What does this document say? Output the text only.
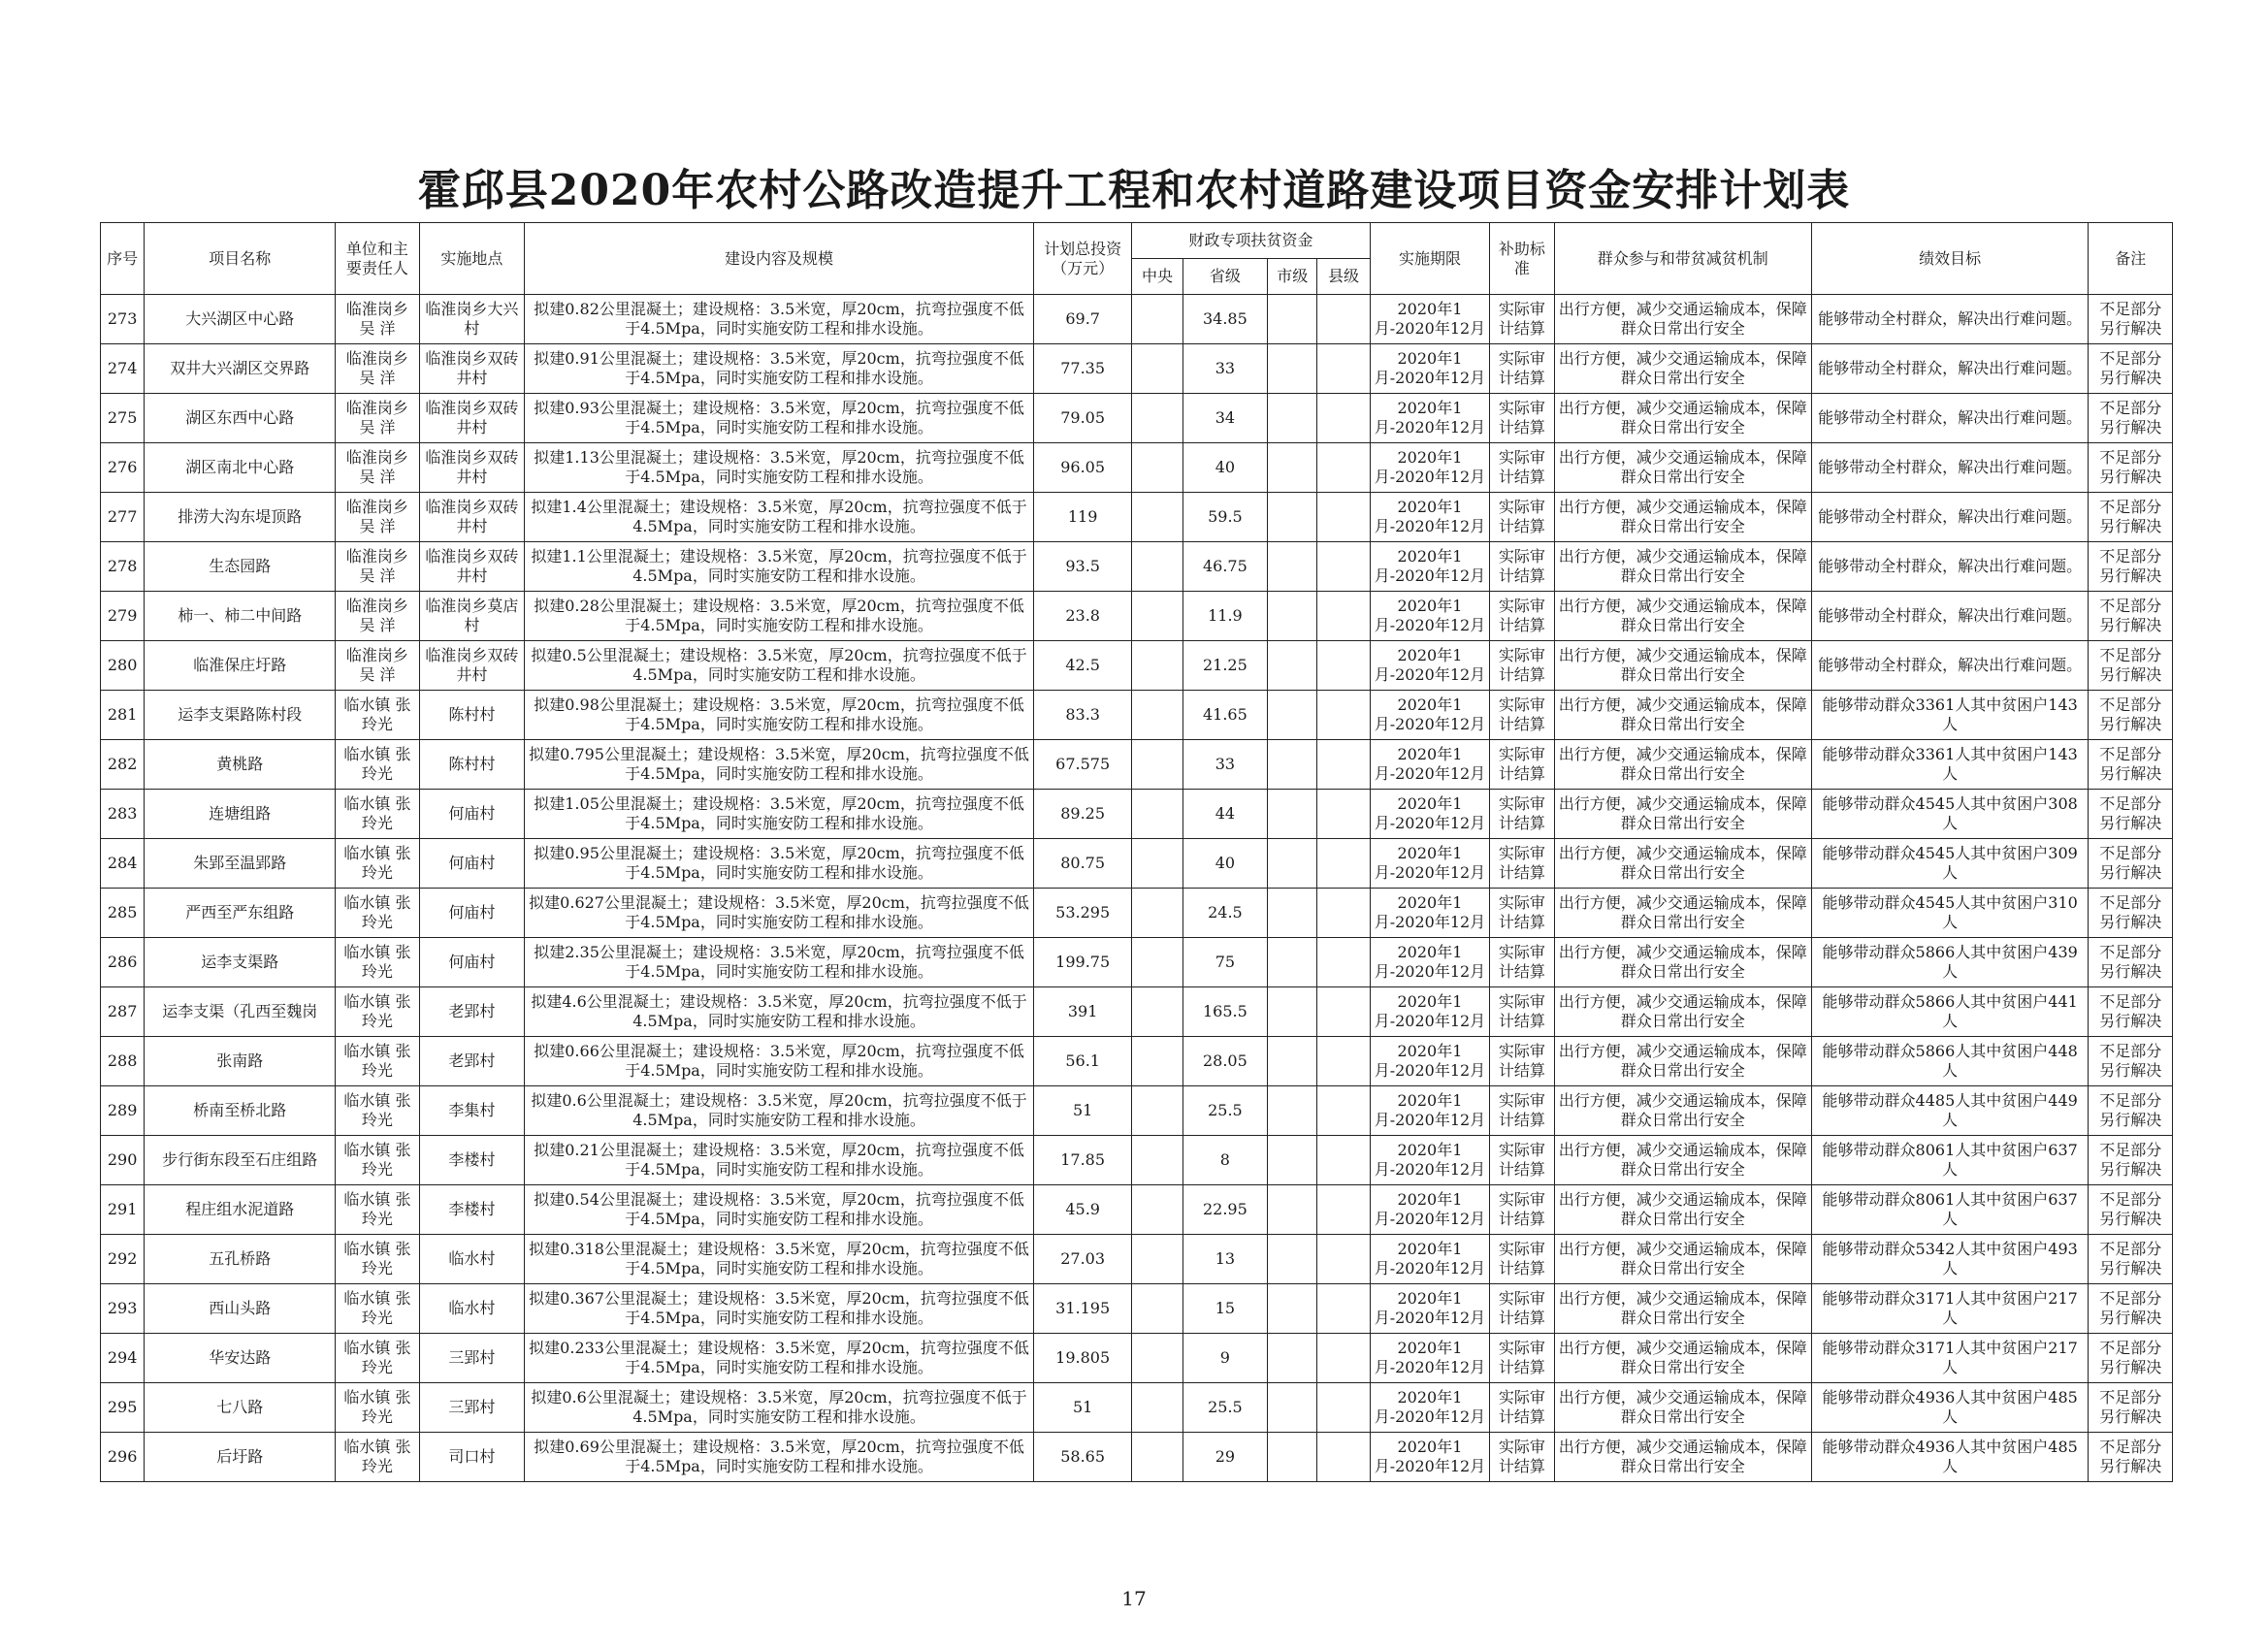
霍邱县2020年农村公路改造提升工程和农村道路建设项目资金安排计划表
序号	项目名称	单位和主要责任人	实施地点	建设内容及规模	计划总投资（万元）	财政专项扶贫资金				实施期限	补助标准	群众参与和带贫减贫机制	绩效目标	备注
						中央	省级	市级	县级					
273	大兴湖区中心路	临淮岗乡 吴 洋	临淮岗乡大兴村	拟建0.82公里混凝土；建设规格：3.5米宽，厚20cm，抗弯拉强度不低于4.5Mpa，同时实施安防工程和排水设施。	69.7		34.85			2020年1月-2020年12月	实际审计结算	出行方便，减少交通运输成本，保障群众日常出行安全	能够带动全村群众，解决出行难问题。	不足部分另行解决
274	双井大兴湖区交界路	临淮岗乡 吴 洋	临淮岗乡双砖井村	拟建0.91公里混凝土；建设规格：3.5米宽，厚20cm，抗弯拉强度不低于4.5Mpa，同时实施安防工程和排水设施。	77.35		33			2020年1月-2020年12月	实际审计结算	出行方便，减少交通运输成本，保障群众日常出行安全	能够带动全村群众，解决出行难问题。	不足部分另行解决
275	湖区东西中心路	临淮岗乡 吴 洋	临淮岗乡双砖井村	拟建0.93公里混凝土；建设规格：3.5米宽，厚20cm，抗弯拉强度不低于4.5Mpa，同时实施安防工程和排水设施。	79.05		34			2020年1月-2020年12月	实际审计结算	出行方便，减少交通运输成本，保障群众日常出行安全	能够带动全村群众，解决出行难问题。	不足部分另行解决
276	湖区南北中心路	临淮岗乡 吴 洋	临淮岗乡双砖井村	拟建1.13公里混凝土；建设规格：3.5米宽，厚20cm，抗弯拉强度不低于4.5Mpa，同时实施安防工程和排水设施。	96.05		40			2020年1月-2020年12月	实际审计结算	出行方便，减少交通运输成本，保障群众日常出行安全	能够带动全村群众，解决出行难问题。	不足部分另行解决
277	排涝大沟东堤顶路	临淮岗乡 吴 洋	临淮岗乡双砖井村	拟建1.4公里混凝土；建设规格：3.5米宽，厚20cm，抗弯拉强度不低于4.5Mpa，同时实施安防工程和排水设施。	119		59.5			2020年1月-2020年12月	实际审计结算	出行方便，减少交通运输成本，保障群众日常出行安全	能够带动全村群众，解决出行难问题。	不足部分另行解决
278	生态园路	临淮岗乡 吴 洋	临淮岗乡双砖井村	拟建1.1公里混凝土；建设规格：3.5米宽，厚20cm，抗弯拉强度不低于4.5Mpa，同时实施安防工程和排水设施。	93.5		46.75			2020年1月-2020年12月	实际审计结算	出行方便，减少交通运输成本，保障群众日常出行安全	能够带动全村群众，解决出行难问题。	不足部分另行解决
279	柿一、柿二中间路	临淮岗乡 吴 洋	临淮岗乡莫店村	拟建0.28公里混凝土；建设规格：3.5米宽，厚20cm，抗弯拉强度不低于4.5Mpa，同时实施安防工程和排水设施。	23.8		11.9			2020年1月-2020年12月	实际审计结算	出行方便，减少交通运输成本，保障群众日常出行安全	能够带动全村群众，解决出行难问题。	不足部分另行解决
280	临淮保庄圩路	临淮岗乡 吴 洋	临淮岗乡双砖井村	拟建0.5公里混凝土；建设规格：3.5米宽，厚20cm，抗弯拉强度不低于4.5Mpa，同时实施安防工程和排水设施。	42.5		21.25			2020年1月-2020年12月	实际审计结算	出行方便，减少交通运输成本，保障群众日常出行安全	能够带动全村群众，解决出行难问题。	不足部分另行解决
281	运李支渠路陈村段	临水镇 张玲光	陈村村	拟建0.98公里混凝土；建设规格：3.5米宽，厚20cm，抗弯拉强度不低于4.5Mpa，同时实施安防工程和排水设施。	83.3		41.65			2020年1月-2020年12月	实际审计结算	出行方便，减少交通运输成本，保障群众日常出行安全	能够带动群众3361人其中贫困户143人	不足部分另行解决
282	黄桃路	临水镇 张玲光	陈村村	拟建0.795公里混凝土；建设规格：3.5米宽，厚20cm，抗弯拉强度不低于4.5Mpa，同时实施安防工程和排水设施。	67.575		33			2020年1月-2020年12月	实际审计结算	出行方便，减少交通运输成本，保障群众日常出行安全	能够带动群众3361人其中贫困户143人	不足部分另行解决
283	连塘组路	临水镇 张玲光	何庙村	拟建1.05公里混凝土；建设规格：3.5米宽，厚20cm，抗弯拉强度不低于4.5Mpa，同时实施安防工程和排水设施。	89.25		44			2020年1月-2020年12月	实际审计结算	出行方便，减少交通运输成本，保障群众日常出行安全	能够带动群众4545人其中贫困户308人	不足部分另行解决
284	朱郢至温郢路	临水镇 张玲光	何庙村	拟建0.95公里混凝土；建设规格：3.5米宽，厚20cm，抗弯拉强度不低于4.5Mpa，同时实施安防工程和排水设施。	80.75		40			2020年1月-2020年12月	实际审计结算	出行方便，减少交通运输成本，保障群众日常出行安全	能够带动群众4545人其中贫困户309人	不足部分另行解决
285	严西至严东组路	临水镇 张玲光	何庙村	拟建0.627公里混凝土；建设规格：3.5米宽，厚20cm，抗弯拉强度不低于4.5Mpa，同时实施安防工程和排水设施。	53.295		24.5			2020年1月-2020年12月	实际审计结算	出行方便，减少交通运输成本，保障群众日常出行安全	能够带动群众4545人其中贫困户310人	不足部分另行解决
286	运李支渠路	临水镇 张玲光	何庙村	拟建2.35公里混凝土；建设规格：3.5米宽，厚20cm，抗弯拉强度不低于4.5Mpa，同时实施安防工程和排水设施。	199.75		75			2020年1月-2020年12月	实际审计结算	出行方便，减少交通运输成本，保障群众日常出行安全	能够带动群众5866人其中贫困户439人	不足部分另行解决
287	运李支渠（孔西至魏岗	临水镇 张玲光	老郢村	拟建4.6公里混凝土；建设规格：3.5米宽，厚20cm，抗弯拉强度不低于4.5Mpa，同时实施安防工程和排水设施。	391		165.5			2020年1月-2020年12月	实际审计结算	出行方便，减少交通运输成本，保障群众日常出行安全	能够带动群众5866人其中贫困户441人	不足部分另行解决
288	张南路	临水镇 张玲光	老郢村	拟建0.66公里混凝土；建设规格：3.5米宽，厚20cm，抗弯拉强度不低于4.5Mpa，同时实施安防工程和排水设施。	56.1		28.05			2020年1月-2020年12月	实际审计结算	出行方便，减少交通运输成本，保障群众日常出行安全	能够带动群众5866人其中贫困户448人	不足部分另行解决
289	桥南至桥北路	临水镇 张玲光	李集村	拟建0.6公里混凝土；建设规格：3.5米宽，厚20cm，抗弯拉强度不低于4.5Mpa，同时实施安防工程和排水设施。	51		25.5			2020年1月-2020年12月	实际审计结算	出行方便，减少交通运输成本，保障群众日常出行安全	能够带动群众4485人其中贫困户449人	不足部分另行解决
290	步行街东段至石庄组路	临水镇 张玲光	李楼村	拟建0.21公里混凝土；建设规格：3.5米宽，厚20cm，抗弯拉强度不低于4.5Mpa，同时实施安防工程和排水设施。	17.85		8			2020年1月-2020年12月	实际审计结算	出行方便，减少交通运输成本，保障群众日常出行安全	能够带动群众8061人其中贫困户637人	不足部分另行解决
291	程庄组水泥道路	临水镇 张玲光	李楼村	拟建0.54公里混凝土；建设规格：3.5米宽，厚20cm，抗弯拉强度不低于4.5Mpa，同时实施安防工程和排水设施。	45.9		22.95			2020年1月-2020年12月	实际审计结算	出行方便，减少交通运输成本，保障群众日常出行安全	能够带动群众8061人其中贫困户637人	不足部分另行解决
292	五孔桥路	临水镇 张玲光	临水村	拟建0.318公里混凝土；建设规格：3.5米宽，厚20cm，抗弯拉强度不低于4.5Mpa，同时实施安防工程和排水设施。	27.03		13			2020年1月-2020年12月	实际审计结算	出行方便，减少交通运输成本，保障群众日常出行安全	能够带动群众5342人其中贫困户493人	不足部分另行解决
293	西山头路	临水镇 张玲光	临水村	拟建0.367公里混凝土；建设规格：3.5米宽，厚20cm，抗弯拉强度不低于4.5Mpa，同时实施安防工程和排水设施。	31.195		15			2020年1月-2020年12月	实际审计结算	出行方便，减少交通运输成本，保障群众日常出行安全	能够带动群众3171人其中贫困户217人	不足部分另行解决
294	华安达路	临水镇 张玲光	三郢村	拟建0.233公里混凝土；建设规格：3.5米宽，厚20cm，抗弯拉强度不低于4.5Mpa，同时实施安防工程和排水设施。	19.805		9			2020年1月-2020年12月	实际审计结算	出行方便，减少交通运输成本，保障群众日常出行安全	能够带动群众3171人其中贫困户217人	不足部分另行解决
295	七八路	临水镇 张玲光	三郢村	拟建0.6公里混凝土；建设规格：3.5米宽，厚20cm，抗弯拉强度不低于4.5Mpa，同时实施安防工程和排水设施。	51		25.5			2020年1月-2020年12月	实际审计结算	出行方便，减少交通运输成本，保障群众日常出行安全	能够带动群众4936人其中贫困户485人	不足部分另行解决
296	后圩路	临水镇 张玲光	司口村	拟建0.69公里混凝土；建设规格：3.5米宽，厚20cm，抗弯拉强度不低于4.5Mpa，同时实施安防工程和排水设施。	58.65		29			2020年1月-2020年12月	实际审计结算	出行方便，减少交通运输成本，保障群众日常出行安全	能够带动群众4936人其中贫困户485人	不足部分另行解决
17
